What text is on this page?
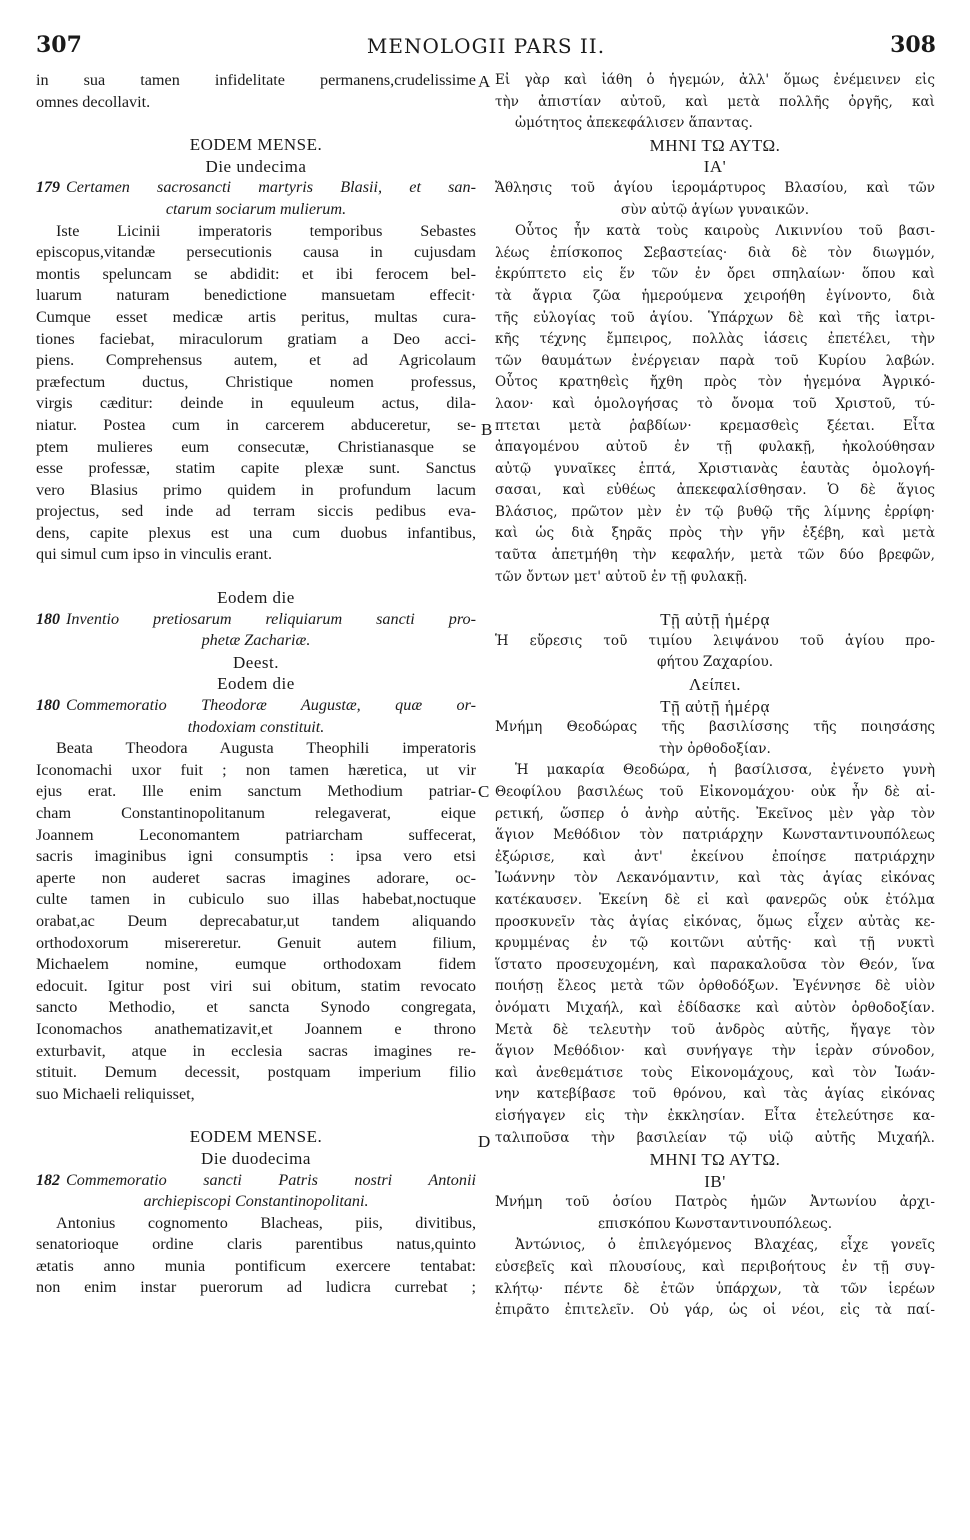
307	MENOLOGII PARS II.	308
in sua tamen infidelitate permanens,crudelissime
omnes decollavit.
EODEM MENSE.
Die undecima
179 Certamen sacrosancti martyris Blasii, et san-
ctarum sociarum mulierum.
Iste Licinii imperatoris temporibus Sebastes
episcopus,vitandæ persecutionis causa in cujusdam
montis speluncam se abdidit: et ibi ferocem bel-
luarum naturam benedictione mansuetam effecit·
Cumque esset medicæ artis peritus, multas cura-
tiones faciebat, miraculorum gratiam a Deo acci-
piens. Comprehensus autem, et ad Agricolaum
præfectum ductus, Christique nomen professus,
virgis cæditur: deinde in equuleum actus, dila-
niatur. Postea cum in carcerem abduceretur, se-
ptem mulieres eum consecutæ, Christianasque se
esse professæ, statim capite plexæ sunt. Sanctus
vero Blasius primo quidem in profundum lacum
projectus, sed inde ad terram siccis pedibus eva-
dens, capite plexus est una cum duobus infantibus,
qui simul cum ipso in vinculis erant.
Eodem die
180 Inventio pretiosarum reliquiarum sancti pro-
phetæ Zachariæ.
Deest.
Eodem die
180 Commemoratio Theodoræ Augustæ, quæ or-
thodoxiam constituit.
Beata Theodora Augusta Theophili imperatoris
Iconomachi uxor fuit ; non tamen hæretica, ut vir
ejus erat. Ille enim sanctum Methodium patriar-
cham Constantinopolitanum relegaverat, eique
Joannem Leconomantem patriarcham suffecerat,
sacris imaginibus igni consumptis : ipsa vero etsi
aperte non auderet sacras imagines adorare, oc-
culte tamen in cubiculo suo illas habebat,noctuque
orabat,ac Deum deprecabatur,ut tandem aliquando
orthodoxorum misereretur. Genuit autem filium,
Michaelem nomine, eumque orthodoxam fidem
edocuit. Igitur post viri sui obitum, statim revocato
sancto Methodio, et sancta Synodo congregata,
Iconomachos anathematizavit,et Joannem e throno
exturbavit, atque in ecclesia sacras imagines re-
stituit. Demum decessit, postquam imperium filio
suo Michaeli reliquisset,
EODEM MENSE.
Die duodecima
182 Commemoratio sancti Patris nostri Antonii
archiepiscopi Constantinopolitani.
Antonius cognomento Blacheas, piis, divitibus,
senatorioque ordine claris parentibus natus,quinto
ætatis anno munia pontificum exercere tentabat:
non enim instar puerorum ad ludicra currebat ;
Εἰ γὰρ καὶ ἰάθη ὁ ἡγεμών, ἀλλ' ὅμως ἐνέμεινεν εἰς
τὴν ἀπιστίαν αὐτοῦ, καὶ μετὰ πολλῆς ὀργῆς, καὶ
ὠμότητος ἀπεκεφάλισεν ἅπαντας.
ΜΗΝΙ ΤΩ ΑΥΤΩ.
ΙΑ'
Ἄθλησις τοῦ ἁγίου ἱερομάρτυρος Βλασίου, καὶ τῶν
σὺν αὐτῷ ἁγίων γυναικῶν.
Οὗτος ἦν κατὰ τοὺς καιροὺς Λικιννίου τοῦ βασι-
λέως ἐπίσκοπος Σεβαστείας· διὰ δὲ τὸν διωγμόν,
ἐκρύπτετο εἰς ἕν τῶν ἐν ὄρει σπηλαίων· ὅπου καὶ
τὰ ἄγρια ζῶα ἡμερούμενα χειροήθη ἐγίνοντο, διὰ
τῆς εὐλογίας τοῦ ἁγίου. Ὑπάρχων δὲ καὶ τῆς ἰατρι-
κῆς τέχνης ἔμπειρος, πολλὰς ἰάσεις ἐπετέλει, τὴν
τῶν θαυμάτων ἐνέργειαν παρὰ τοῦ Κυρίου λαβών.
Οὗτος κρατηθεὶς ἤχθη πρὸς τὸν ἡγεμόνα Ἀγρικό-
λαον· καὶ ὁμολογήσας τὸ ὄνομα τοῦ Χριστοῦ, τύ-
πτεται μετὰ ῥαβδίων· κρεμασθεὶς ξέεται. Εἶτα
ἀπαγομένου αὐτοῦ ἐν τῇ φυλακῇ, ἠκολούθησαν
αὐτῷ γυναῖκες ἑπτά, Χριστιανὰς ἑαυτὰς ὁμολογή-
σασαι, καὶ εὐθέως ἀπεκεφαλίσθησαν. Ὁ δὲ ἅγιος
Βλάσιος, πρῶτον μὲν ἐν τῷ βυθῷ τῆς λίμνης ἐρρίφη·
καὶ ὡς διὰ ξηρᾶς πρὸς τὴν γῆν ἐξέβη, καὶ μετὰ
ταῦτα ἀπετμήθη τὴν κεφαλήν, μετὰ τῶν δύο βρεφῶν,
τῶν ὄντων μετ' αὐτοῦ ἐν τῇ φυλακῇ.
Τῇ αὐτῇ ἡμέρᾳ
Ἡ εὕρεσις τοῦ τιμίου λειψάνου τοῦ ἁγίου προ-
φήτου Ζαχαρίου.
Λείπει.
Τῇ αὐτῇ ἡμέρᾳ
Μνήμη Θεοδώρας τῆς βασιλίσσης τῆς ποιησάσης
τὴν ὀρθοδοξίαν.
Ἡ μακαρία Θεοδώρα, ἡ βασίλισσα, ἐγένετο γυνὴ
Θεοφίλου βασιλέως τοῦ Εἰκονομάχου· οὐκ ἦν δὲ αἱ-
ρετική, ὥσπερ ὁ ἀνὴρ αὐτῆς. Ἐκεῖνος μὲν γὰρ τὸν
ἅγιον Μεθόδιον τὸν πατριάρχην Κωνσταντινουπόλεως
ἐξώρισε, καὶ ἀντ' ἐκείνου ἐποίησε πατριάρχην
Ἰωάννην τὸν Λεκανόμαντιν, καὶ τὰς ἁγίας εἰκόνας
κατέκαυσεν. Ἐκείνη δὲ εἰ καὶ φανερῶς οὐκ ἐτόλμα
προσκυνεῖν τὰς ἁγίας εἰκόνας, ὅμως εἶχεν αὐτὰς κε-
κρυμμένας ἐν τῷ κοιτῶνι αὐτῆς· καὶ τῇ νυκτὶ
ἵστατο προσευχομένη, καὶ παρακαλοῦσα τὸν Θεόν, ἵνα
ποιήσῃ ἔλεος μετὰ τῶν ὀρθοδόξων. Ἐγέννησε δὲ υἱὸν
ὀνόματι Μιχαήλ, καὶ ἐδίδασκε καὶ αὐτὸν ὀρθοδοξίαν.
Μετὰ δὲ τελευτὴν τοῦ ἀνδρὸς αὐτῆς, ἤγαγε τὸν
ἅγιον Μεθόδιον· καὶ συνήγαγε τὴν ἱερὰν σύνοδον,
καὶ ἀνεθεμάτισε τοὺς Εἰκονομάχους, καὶ τὸν Ἰωάν-
νην κατεβίβασε τοῦ θρόνου, καὶ τὰς ἁγίας εἰκόνας
εἰσήγαγεν εἰς τὴν ἐκκλησίαν. Εἶτα ἐτελεύτησε κα-
ταλιποῦσα τὴν βασιλείαν τῷ υἱῷ αὐτῆς Μιχαήλ.
ΜΗΝΙ ΤΩ ΑΥΤΩ.
ΙΒ'
Μνήμη τοῦ ὁσίου Πατρὸς ἡμῶν Ἀντωνίου ἀρχι-
επισκόπου Κωνσταντινουπόλεως.
Ἀντώνιος, ὁ ἐπιλεγόμενος Βλαχέας, εἶχε γονεῖς
εὐσεβεῖς καὶ πλουσίους, καὶ περιβοήτους ἐν τῇ συγ-
κλήτῳ· πέντε δὲ ἐτῶν ὑπάρχων, τὰ τῶν ἱερέων
ἐπιρᾶτο ἐπιτελεῖν. Οὐ γάρ, ὡς οἱ νέοι, εἰς τὰ παί-
A
B
C
D
